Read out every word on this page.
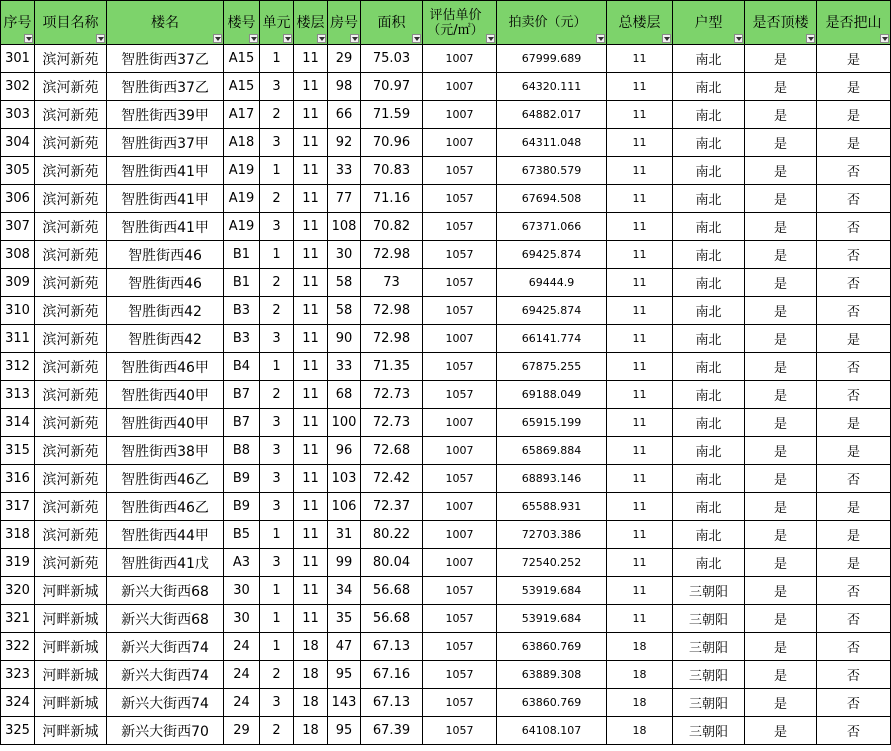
序号	项目名称	楼名	楼号	单元	楼层	房号	面积	评估单价（元/㎡）	拍卖价（元）	总楼层	户型	是否顶楼	是否把山

301	滨河新苑	智胜街西37乙	A15	1	11	29	75.03	1007	67999.689	11	南北	是	是
302	滨河新苑	智胜街西37乙	A15	3	11	98	70.97	1007	64320.111	11	南北	是	是
303	滨河新苑	智胜街西39甲	A17	2	11	66	71.59	1007	64882.017	11	南北	是	是
304	滨河新苑	智胜街西37甲	A18	3	11	92	70.96	1007	64311.048	11	南北	是	是
305	滨河新苑	智胜街西41甲	A19	1	11	33	70.83	1057	67380.579	11	南北	是	否
306	滨河新苑	智胜街西41甲	A19	2	11	77	71.16	1057	67694.508	11	南北	是	否
307	滨河新苑	智胜街西41甲	A19	3	11	108	70.82	1057	67371.066	11	南北	是	否
308	滨河新苑	智胜街西46	B1	1	11	30	72.98	1057	69425.874	11	南北	是	否
309	滨河新苑	智胜街西46	B1	2	11	58	73	1057	69444.9	11	南北	是	否
310	滨河新苑	智胜街西42	B3	2	11	58	72.98	1057	69425.874	11	南北	是	否
311	滨河新苑	智胜街西42	B3	3	11	90	72.98	1007	66141.774	11	南北	是	是
312	滨河新苑	智胜街西46甲	B4	1	11	33	71.35	1057	67875.255	11	南北	是	否
313	滨河新苑	智胜街西40甲	B7	2	11	68	72.73	1057	69188.049	11	南北	是	否
314	滨河新苑	智胜街西40甲	B7	3	11	100	72.73	1007	65915.199	11	南北	是	是
315	滨河新苑	智胜街西38甲	B8	3	11	96	72.68	1007	65869.884	11	南北	是	是
316	滨河新苑	智胜街西46乙	B9	3	11	103	72.42	1057	68893.146	11	南北	是	否
317	滨河新苑	智胜街西46乙	B9	3	11	106	72.37	1007	65588.931	11	南北	是	是
318	滨河新苑	智胜街西44甲	B5	1	11	31	80.22	1007	72703.386	11	南北	是	是
319	滨河新苑	智胜街西41戊	A3	3	11	99	80.04	1007	72540.252	11	南北	是	是
320	河畔新城	新兴大街西68	30	1	11	34	56.68	1057	53919.684	11	三朝阳	是	否
321	河畔新城	新兴大街西68	30	1	11	35	56.68	1057	53919.684	11	三朝阳	是	否
322	河畔新城	新兴大街西74	24	1	18	47	67.13	1057	63860.769	18	三朝阳	是	否
323	河畔新城	新兴大街西74	24	2	18	95	67.16	1057	63889.308	18	三朝阳	是	否
324	河畔新城	新兴大街西74	24	3	18	143	67.13	1057	63860.769	18	三朝阳	是	否
325	河畔新城	新兴大街西70	29	2	18	95	67.39	1057	64108.107	18	三朝阳	是	否
